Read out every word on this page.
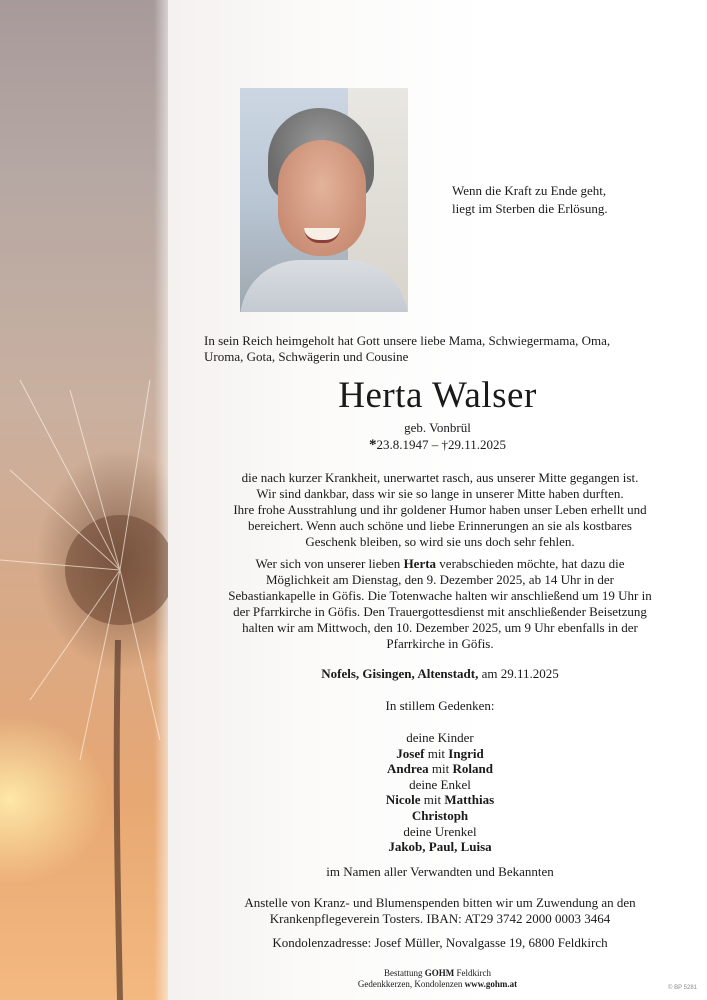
Wenn die Kraft zu Ende geht,
liegt im Sterben die Erlösung.
In sein Reich heimgeholt hat Gott unsere liebe Mama, Schwiegermama, Oma,
Uroma, Gota, Schwägerin und Cousine
Herta Walser
geb. Vonbrül
*23.8.1947 – †29.11.2025
die nach kurzer Krankheit, unerwartet rasch, aus unserer Mitte gegangen ist.
Wir sind dankbar, dass wir sie so lange in unserer Mitte haben durften.
Ihre frohe Ausstrahlung und ihr goldener Humor haben unser Leben erhellt und
bereichert. Wenn auch schöne und liebe Erinnerungen an sie als kostbares
Geschenk bleiben, so wird sie uns doch sehr fehlen.
Wer sich von unserer lieben Herta verabschieden möchte, hat dazu die
Möglichkeit am Dienstag, den 9. Dezember 2025, ab 14 Uhr in der
Sebastiankapelle in Göfis. Die Totenwache halten wir anschließend um 19 Uhr in
der Pfarrkirche in Göfis. Den Trauergottesdienst mit anschließender Beisetzung
halten wir am Mittwoch, den 10. Dezember 2025, um 9 Uhr ebenfalls in der
Pfarrkirche in Göfis.
Nofels, Gisingen, Altenstadt, am 29.11.2025
In stillem Gedenken:
deine Kinder
Josef mit Ingrid
Andrea mit Roland
deine Enkel
Nicole mit Matthias
Christoph
deine Urenkel
Jakob, Paul, Luisa
im Namen aller Verwandten und Bekannten
Anstelle von Kranz- und Blumenspenden bitten wir um Zuwendung an den
Krankenpflegeverein Tosters. IBAN: AT29 3742 2000 0003 3464
Kondolenzadresse: Josef Müller, Novalgasse 19, 6800 Feldkirch
Bestattung GOHM Feldkirch
Gedenkkerzen, Kondolenzen www.gohm.at	© BP 5281
